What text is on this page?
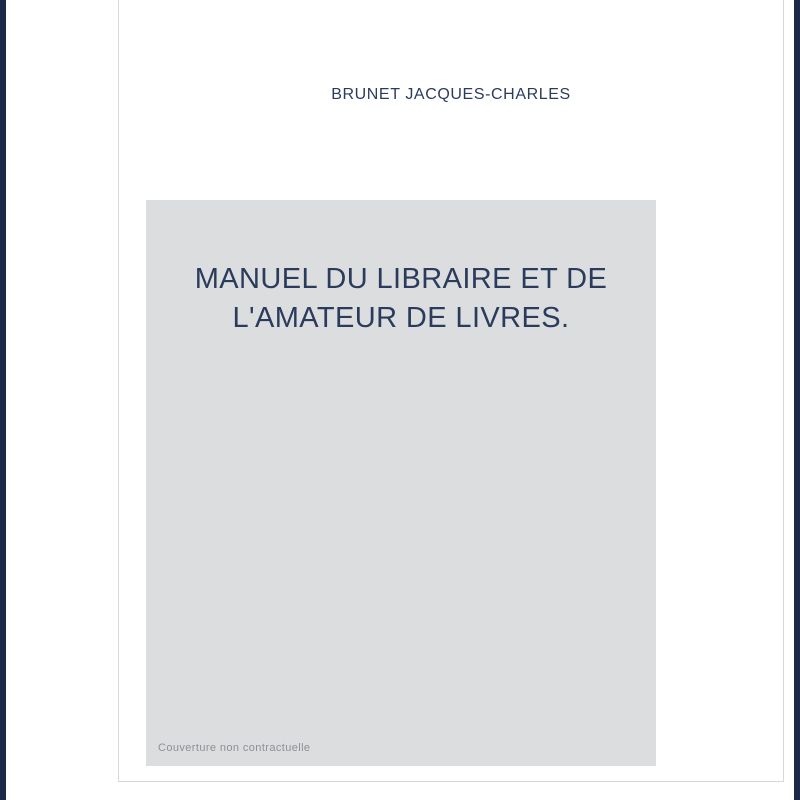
BRUNET JACQUES-CHARLES
MANUEL DU LIBRAIRE ET DE L'AMATEUR DE LIVRES.
Couverture non contractuelle
